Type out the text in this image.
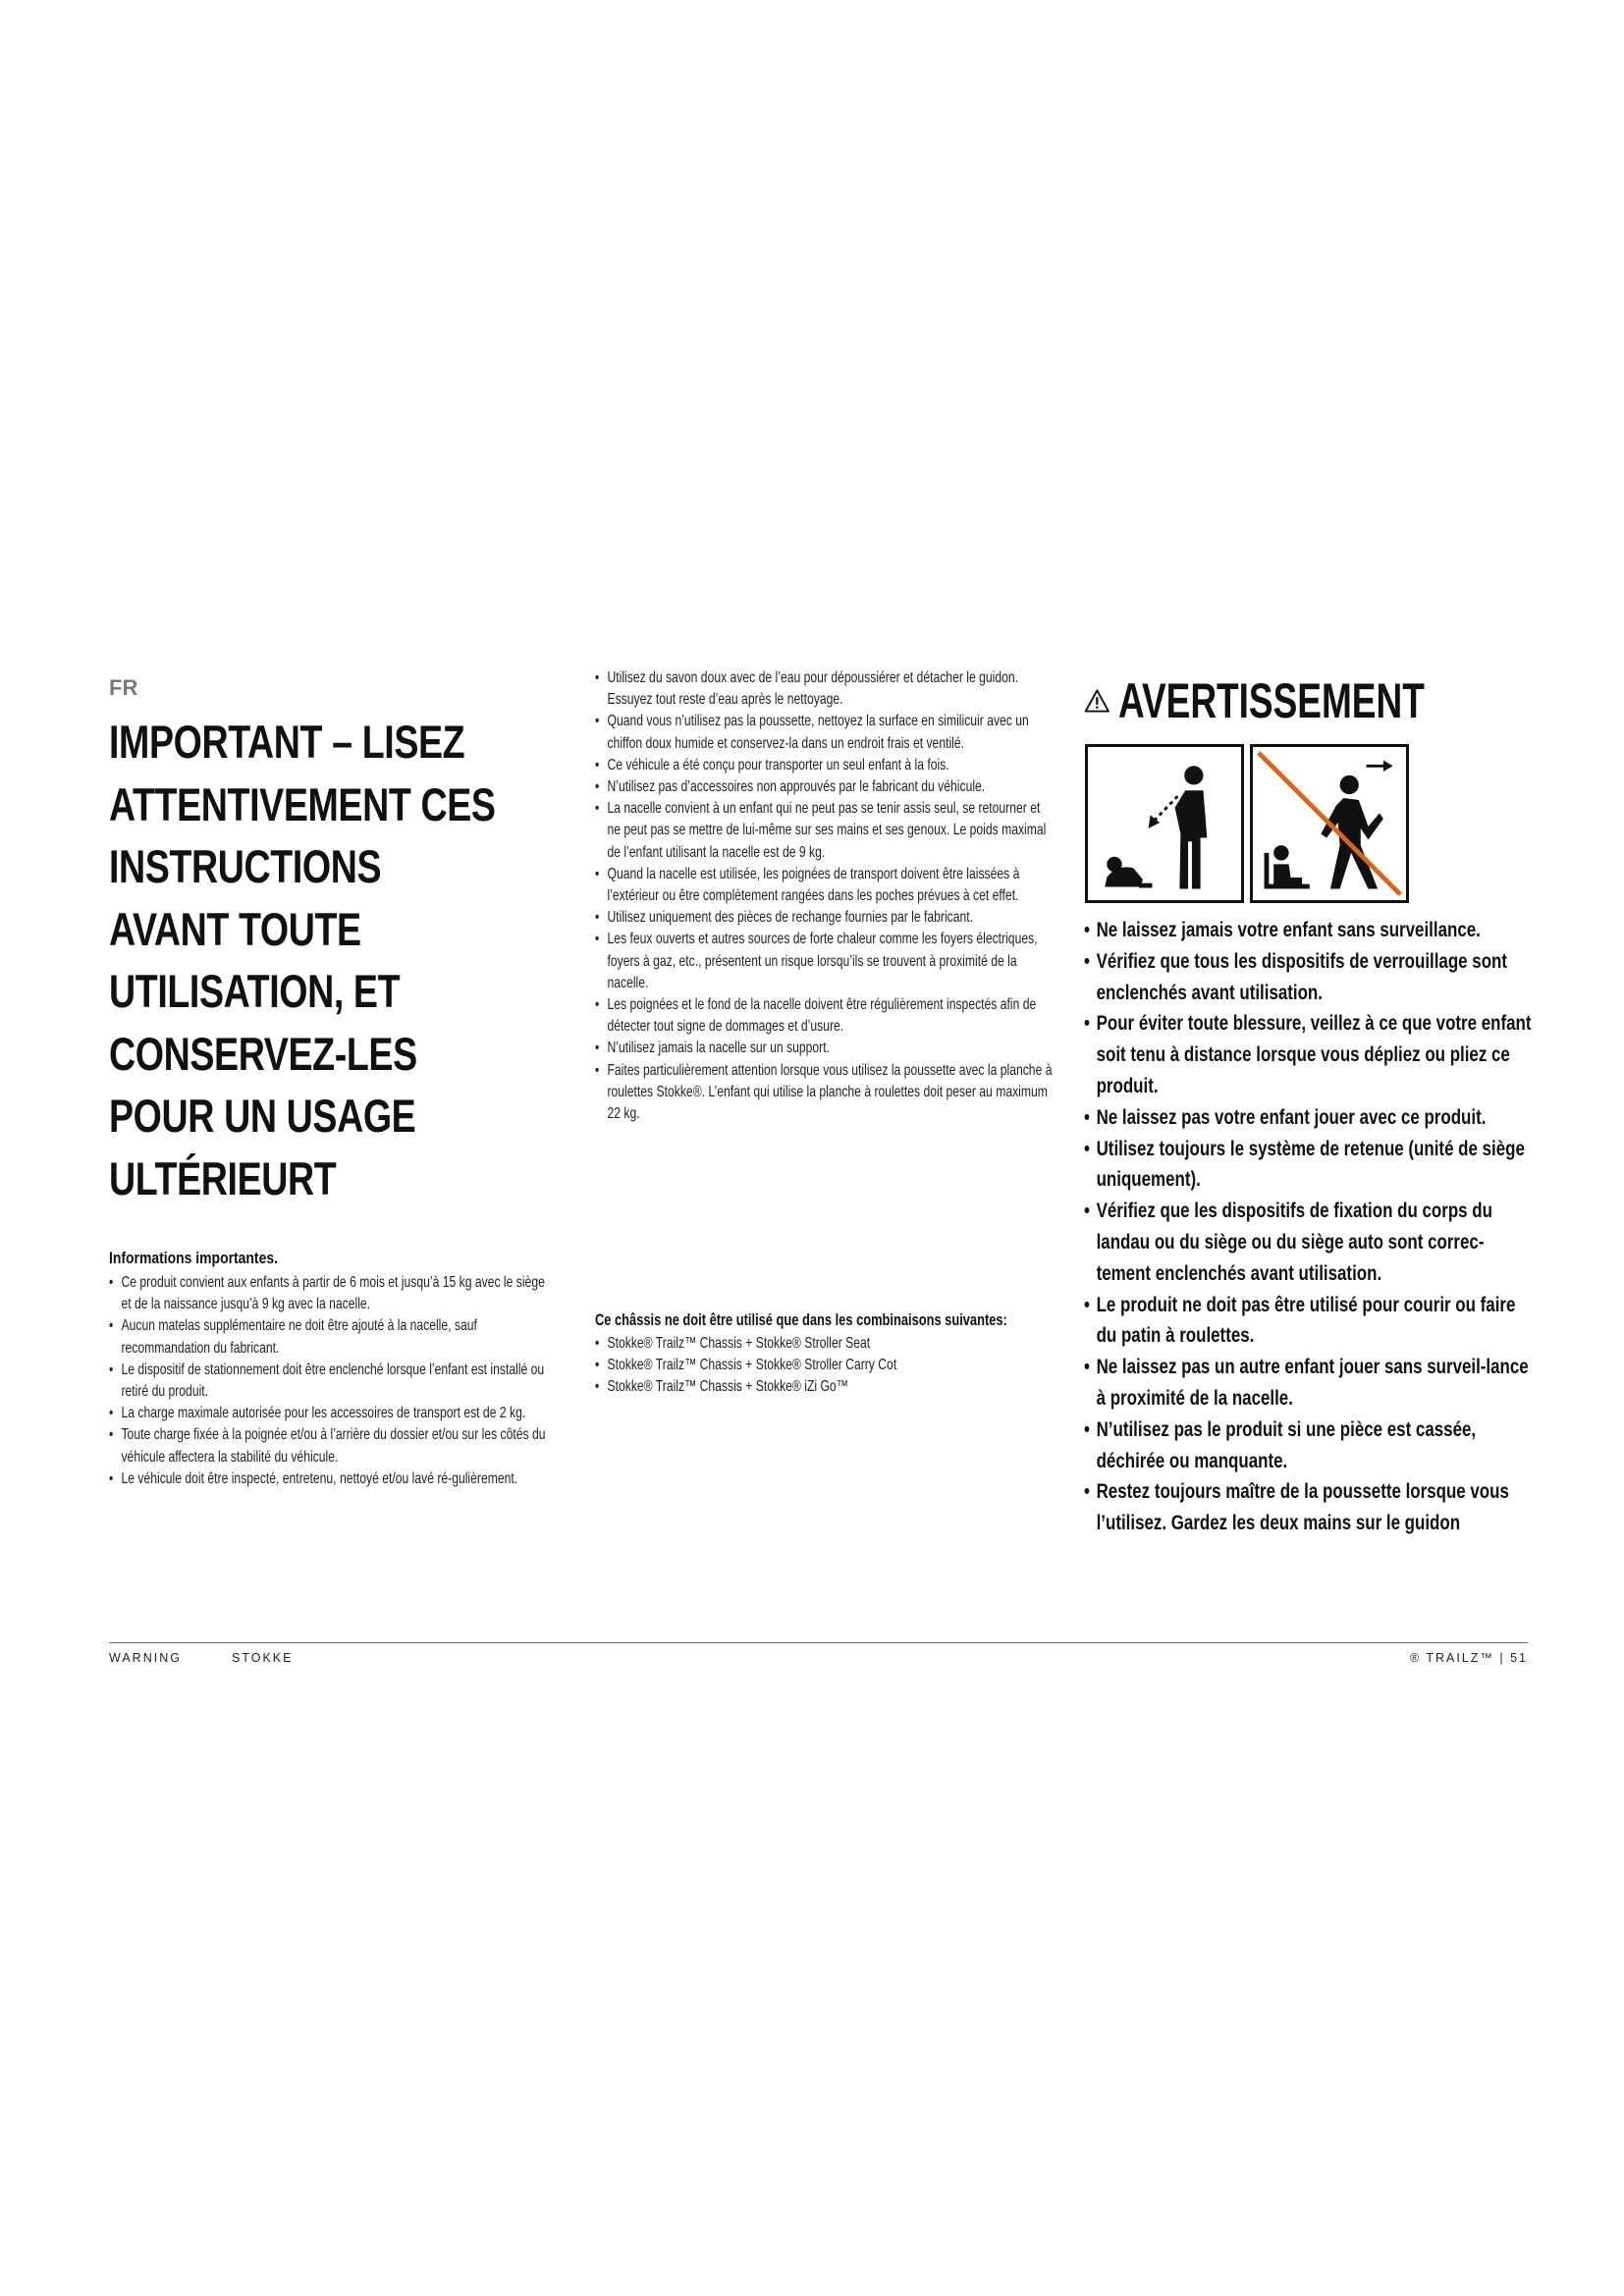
FR

IMPORTANT – LISEZ
ATTENTIVEMENT CES
INSTRUCTIONS
AVANT TOUTE
UTILISATION, ET
CONSERVEZ-LES
POUR UN USAGE
ULTÉRIEURT

Informations importantes.

• Ce produit convient aux enfants à partir de 6 mois et jusqu’à 15 kg avec le siège et de la naissance jusqu’à 9 kg avec la nacelle.
• Aucun matelas supplémentaire ne doit être ajouté à la nacelle, sauf recommandation du fabricant.
• Le dispositif de stationnement doit être enclenché lorsque l’enfant est installé ou retiré du produit.
• La charge maximale autorisée pour les accessoires de transport est de 2 kg.
• Toute charge fixée à la poignée et/ou à l’arrière du dossier et/ou sur les côtés du véhicule affectera la stabilité du véhicule.
• Le véhicule doit être inspecté, entretenu, nettoyé et/ou lavé ré-gulièrement.
• Utilisez du savon doux avec de l’eau pour dépoussiérer et détacher le guidon. Essuyez tout reste d’eau après le nettoyage.
• Quand vous n’utilisez pas la poussette, nettoyez la surface en similicuir avec un chiffon doux humide et conservez-la dans un endroit frais et ventilé.
• Ce véhicule a été conçu pour transporter un seul enfant à la fois.
• N’utilisez pas d’accessoires non approuvés par le fabricant du véhicule.
• La nacelle convient à un enfant qui ne peut pas se tenir assis seul, se retourner et ne peut pas se mettre de lui-même sur ses mains et ses genoux. Le poids maximal de l’enfant utilisant la nacelle est de 9 kg.
• Quand la nacelle est utilisée, les poignées de transport doivent être laissées à l’extérieur ou être complètement rangées dans les poches prévues à cet effet.
• Utilisez uniquement des pièces de rechange fournies par le fabricant.
• Les feux ouverts et autres sources de forte chaleur comme les foyers électriques, foyers à gaz, etc., présentent un risque lorsqu’ils se trouvent à proximité de la nacelle.
• Les poignées et le fond de la nacelle doivent être régulièrement inspectés afin de détecter tout signe de dommages et d’usure.
• N’utilisez jamais la nacelle sur un support.
• Faites particulièrement attention lorsque vous utilisez la poussette avec la planche à roulettes Stokke®. L’enfant qui utilise la planche à roulettes doit peser au maximum 22 kg.

Ce châssis ne doit être utilisé que dans les combinaisons suivantes:

• Stokke® Trailz™ Chassis + Stokke® Stroller Seat
• Stokke® Trailz™ Chassis + Stokke® Stroller Carry Cot
• Stokke® Trailz™ Chassis + Stokke® iZi Go™
AVERTISSEMENT
• Ne laissez jamais votre enfant sans surveillance.
• Vérifiez que tous les dispositifs de verrouillage sont enclenchés avant utilisation.
• Pour éviter toute blessure, veillez à ce que votre enfant soit tenu à distance lorsque vous dépliez ou pliez ce produit.
• Ne laissez pas votre enfant jouer avec ce produit.
• Utilisez toujours le système de retenue (unité de siège uniquement).
• Vérifiez que les dispositifs de fixation du corps du landau ou du siège ou du siège auto sont correc-tement enclenchés avant utilisation.
• Le produit ne doit pas être utilisé pour courir ou faire du patin à roulettes.
• Ne laissez pas un autre enfant jouer sans surveil-lance à proximité de la nacelle.
• N’utilisez pas le produit si une pièce est cassée, déchirée ou manquante.
• Restez toujours maître de la poussette lorsque vous l’utilisez. Gardez les deux mains sur le guidon
WARNING	STOKKE	® TRAILZ™ | 51
